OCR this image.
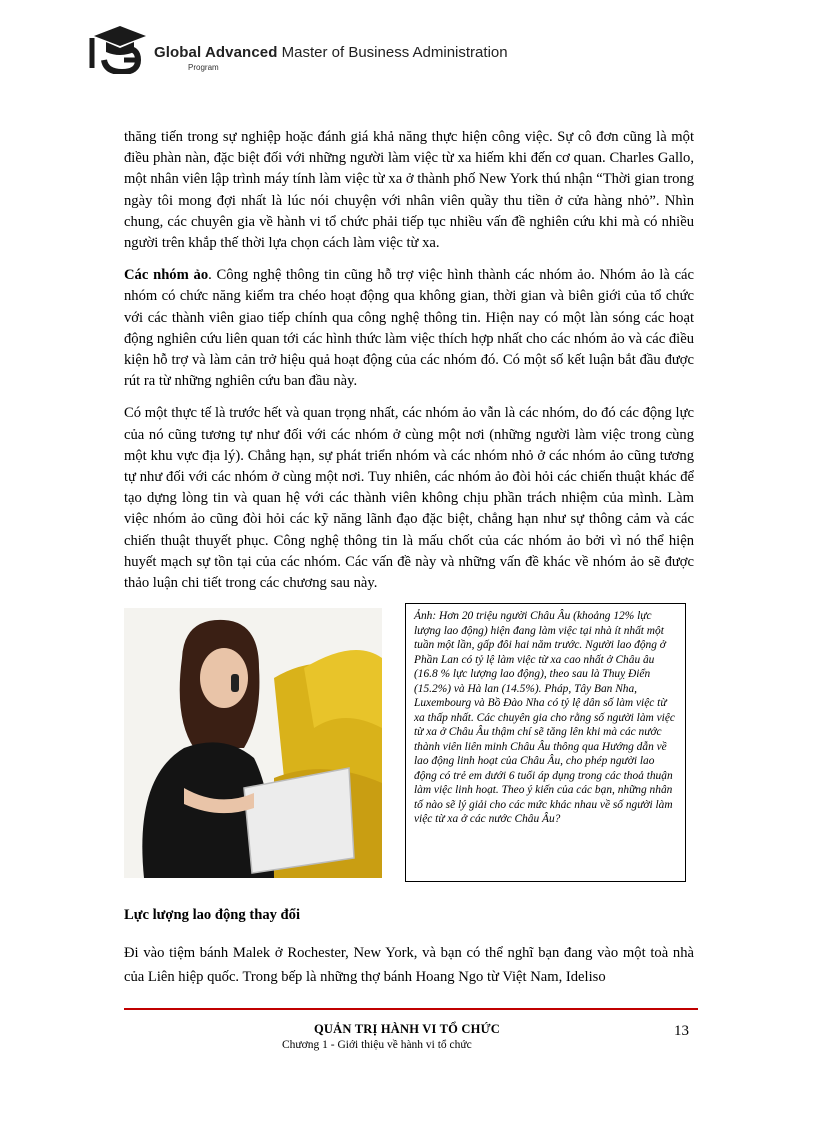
Global Advanced Master of Business Administration
Program

thăng tiến trong sự nghiệp hoặc đánh giá khả năng thực hiện công việc. Sự cô đơn cũng là một điều phàn nàn, đặc biệt đối với những người làm việc từ xa hiếm khi đến cơ quan. Charles Gallo, một nhân viên lập trình máy tính làm việc từ xa ở thành phố New York thú nhận “Thời gian trong ngày tôi mong đợi nhất là lúc nói chuyện với nhân viên quầy thu tiền ở cửa hàng nhỏ”. Nhìn chung, các chuyên gia về hành vi tổ chức phải tiếp tục nhiều vấn đề nghiên cứu khi mà có nhiều người trên khắp thế thời lựa chọn cách làm việc từ xa.

Các nhóm ảo. Công nghệ thông tin cũng hỗ trợ việc hình thành các nhóm ảo. Nhóm ảo là các nhóm có chức năng kiểm tra chéo hoạt động qua không gian, thời gian và biên giới của tổ chức với các thành viên giao tiếp chính qua công nghệ thông tin. Hiện nay có một làn sóng các hoạt động nghiên cứu liên quan tới các hình thức làm việc thích hợp nhất cho các nhóm ảo và các điều kiện hỗ trợ và làm cản trở hiệu quả hoạt động của các nhóm đó. Có một số kết luận bắt đầu được rút ra từ những nghiên cứu ban đầu này.

Có một thực tế là trước hết và quan trọng nhất, các nhóm ảo vẫn là các nhóm, do đó các động lực của nó cũng tương tự như đối với các nhóm ở cùng một nơi (những người làm việc trong cùng một khu vực địa lý). Chẳng hạn, sự phát triển nhóm và các nhóm nhỏ ở các nhóm ảo cũng tương tự như đối với các nhóm ở cùng một nơi. Tuy nhiên, các nhóm ảo đòi hỏi các chiến thuật khác để tạo dựng lòng tin và quan hệ với các thành viên không chịu phần trách nhiệm của mình. Làm việc nhóm ảo cũng đòi hỏi các kỹ năng lãnh đạo đặc biệt, chẳng hạn như sự thông cảm và các chiến thuật thuyết phục. Công nghệ thông tin là mấu chốt của các nhóm ảo bởi vì nó thể hiện huyết mạch sự tồn tại của các nhóm. Các vấn đề này và những vấn đề khác về nhóm ảo sẽ được thảo luận chi tiết trong các chương sau này.

Ảnh: Hơn 20 triệu người Châu Âu (khoảng 12% lực lượng lao động) hiện đang làm việc tại nhà ít nhất một tuần một lần, gấp đôi hai năm trước. Người lao động ở Phần Lan có tỷ lệ làm việc từ xa cao nhất ở Châu âu (16.8 % lực lượng lao động), theo sau là Thuỵ Điển (15.2%) và Hà lan (14.5%). Pháp, Tây Ban Nha, Luxembourg và Bồ Đào Nha có tỷ lệ dân số làm việc từ xa thấp nhất. Các chuyên gia cho rằng số người làm việc từ xa ở Châu Âu thậm chí sẽ tăng lên khi mà các nước thành viên liên minh Châu Âu thông qua Hướng dẫn về lao động linh hoạt của Châu Âu, cho phép người lao động có trẻ em dưới 6 tuổi áp dụng trong các thoả thuận làm việc linh hoạt. Theo ý kiến của các bạn, những nhân tố nào sẽ lý giải cho các mức khác nhau về số người làm việc từ xa ở các nước Châu Âu?
Lực lượng lao động thay đổi
Đi vào tiệm bánh Malek ở Rochester, New York, và bạn có thể nghĩ bạn đang vào một toà nhà của Liên hiệp quốc. Trong bếp là những thợ bánh Hoang Ngo từ Việt Nam, Ideliso
QUẢN TRỊ HÀNH VI TỔ CHỨC
Chương 1 - Giới thiệu về hành vi tổ chức
13
